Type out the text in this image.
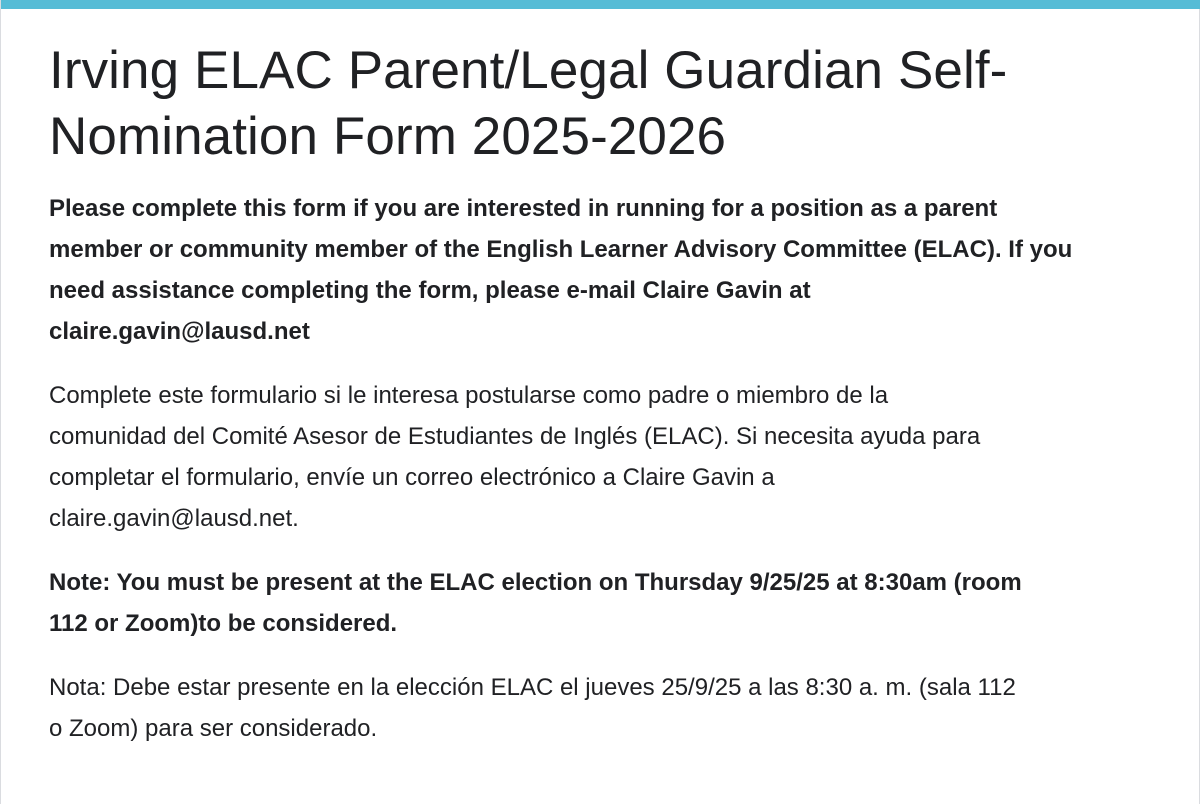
Irving ELAC Parent/Legal Guardian Self-
Nomination Form 2025-2026

Please complete this form if you are interested in running for a position as a parent
member or community member of the English Learner Advisory Committee (ELAC). If you
need assistance completing the form, please e-mail Claire Gavin at
claire.gavin@lausd.net

Complete este formulario si le interesa postularse como padre o miembro de la
comunidad del Comité Asesor de Estudiantes de Inglés (ELAC). Si necesita ayuda para
completar el formulario, envíe un correo electrónico a Claire Gavin a
claire.gavin@lausd.net.

Note: You must be present at the ELAC election on Thursday 9/25/25 at 8:30am (room
112 or Zoom)to be considered.

Nota: Debe estar presente en la elección ELAC el jueves 25/9/25 a las 8:30 a. m. (sala 112
o Zoom) para ser considerado.
